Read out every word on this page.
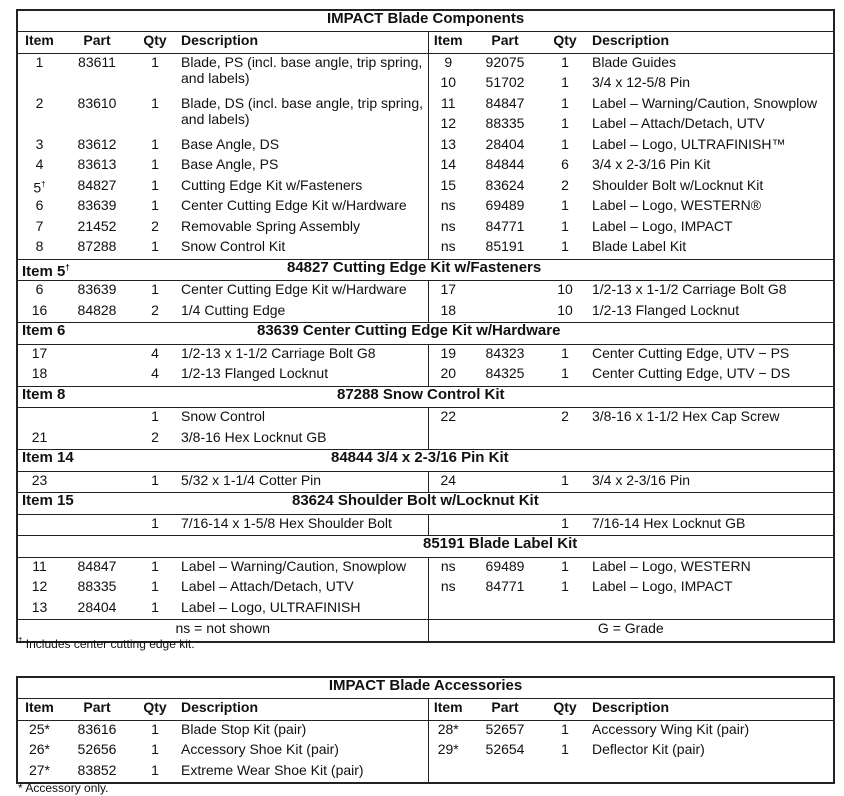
IMPACT Blade Components							
Item	Part	Qty	Description	Item	Part	Qty	Description
1	83611	1	Blade, PS (incl. base angle, trip spring, and labels)	9	92075	1	Blade Guides
				10	51702	1	3/4 x 12-5/8 Pin
2	83610	1	Blade, DS (incl. base angle, trip spring, and labels)	11	84847	1	Label – Warning/Caution, Snowplow
				12	88335	1	Label – Attach/Detach, UTV
3	83612	1	Base Angle, DS	13	28404	1	Label – Logo, ULTRAFINISH™
4	83613	1	Base Angle, PS	14	84844	6	3/4 x 2-3/16 Pin Kit
5†	84827	1	Cutting Edge Kit w/Fasteners	15	83624	2	Shoulder Bolt w/Locknut Kit
6	83639	1	Center Cutting Edge Kit w/Hardware	ns	69489	1	Label – Logo, WESTERN®
7	21452	2	Removable Spring Assembly	ns	84771	1	Label – Logo, IMPACT
8	87288	1	Snow Control Kit	ns	85191	1	Blade Label Kit
Item 5†		84827 Cutting Edge Kit w/Fasteners					
6	83639	1	Center Cutting Edge Kit w/Hardware	17		10	1/2-13 x 1-1/2 Carriage Bolt G8
16	84828	2	1/4 Cutting Edge	18		10	1/2-13 Flanged Locknut
Item 6		83639 Center Cutting Edge Kit w/Hardware					
17		4	1/2-13 x 1-1/2 Carriage Bolt G8	19	84323	1	Center Cutting Edge, UTV − PS
18		4	1/2-13 Flanged Locknut	20	84325	1	Center Cutting Edge, UTV − DS
Item 8		87288 Snow Control Kit					
		1	Snow Control	22		2	3/8-16 x 1-1/2 Hex Cap Screw
21		2	3/8-16 Hex Locknut GB				
Item 14		84844 3/4 x 2-3/16 Pin Kit					
23		1	5/32 x 1-1/4 Cotter Pin	24		1	3/4 x 2-3/16 Pin
Item 15		83624 Shoulder Bolt w/Locknut Kit					
		1	7/16-14 x 1-5/8 Hex Shoulder Bolt			1	7/16-14 Hex Locknut GB
		85191 Blade Label Kit					
11	84847	1	Label – Warning/Caution, Snowplow	ns	69489	1	Label – Logo, WESTERN
12	88335	1	Label – Attach/Detach, UTV	ns	84771	1	Label – Logo, IMPACT
13	28404	1	Label – Logo, ULTRAFINISH				
ns = not shown				G = Grade			
† Includes center cutting edge kit.
IMPACT Blade Accessories							
Item	Part	Qty	Description	Item	Part	Qty	Description
25*	83616	1	Blade Stop Kit (pair)	28*	52657	1	Accessory Wing Kit (pair)
26*	52656	1	Accessory Shoe Kit (pair)	29*	52654	1	Deflector Kit (pair)
27*	83852	1	Extreme Wear Shoe Kit (pair)				
* Accessory only.
